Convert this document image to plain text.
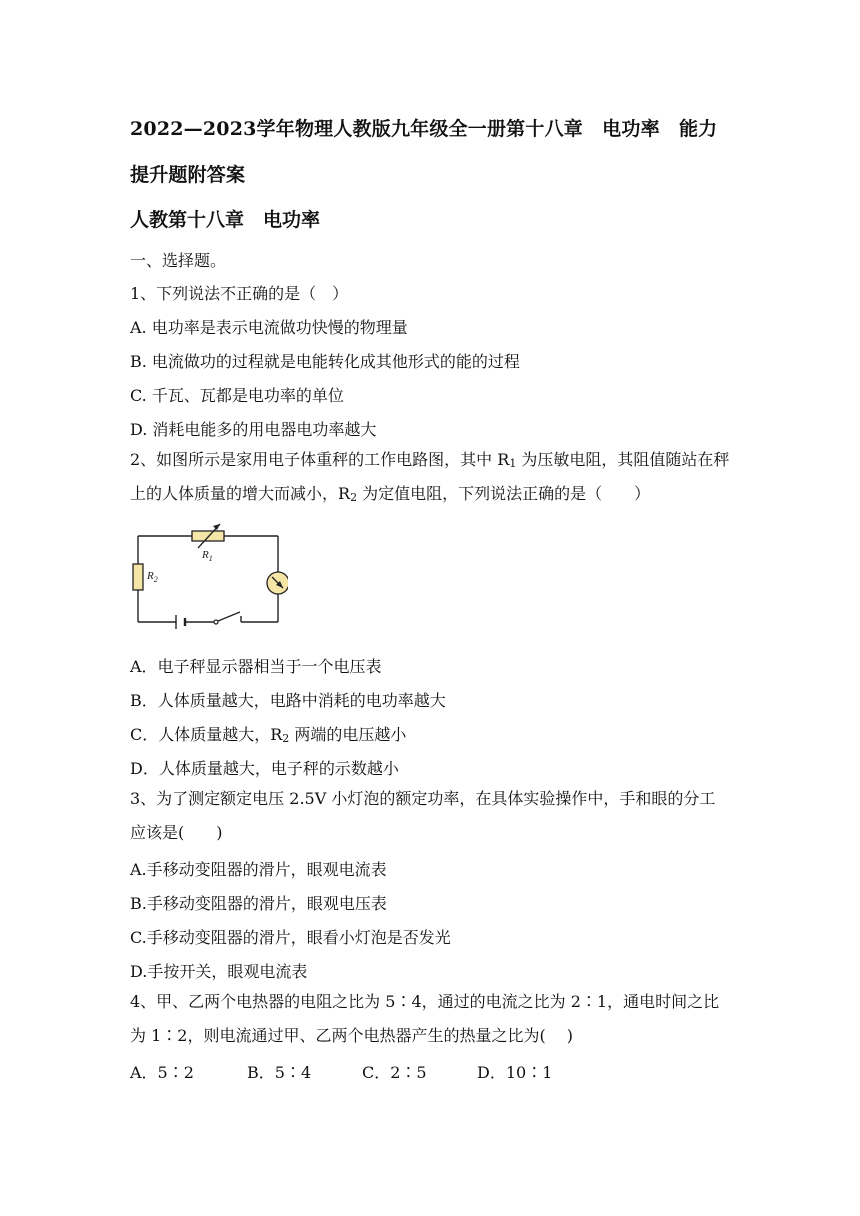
2022—2023学年物理人教版九年级全一册第十八章　电功率　能力
提升题附答案
人教第十八章　电功率
一、选择题。
1、下列说法不正确的是（　）
A. 电功率是表示电流做功快慢的物理量
B. 电流做功的过程就是电能转化成其他形式的能的过程
C. 千瓦、瓦都是电功率的单位
D. 消耗电能多的用电器电功率越大
2、如图所示是家用电子体重秤的工作电路图，其中 $R_1$ 为压敏电阻，其阻值随站在秤上的人体质量的增大而减小，$R_2$ 为定值电阻，下列说法正确的是（　　）
$R_1$
$R_2$
A．电子秤显示器相当于一个电压表
B．人体质量越大，电路中消耗的电功率越大
C．人体质量越大，$R_2$ 两端的电压越小
D．人体质量越大，电子秤的示数越小
3、为了测定额定电压 2.5V 小灯泡的额定功率，在具体实验操作中，手和眼的分工应该是(　　)
A.手移动变阻器的滑片，眼观电流表
B.手移动变阻器的滑片，眼观电压表
C.手移动变阻器的滑片，眼看小灯泡是否发光
D.手按开关，眼观电流表
4、甲、乙两个电热器的电阻之比为 5∶4，通过的电流之比为 2∶1，通电时间之比为 1∶2，则电流通过甲、乙两个电热器产生的热量之比为(　 )
A．5∶2	B．5∶4	C．2∶5	D．10∶1
